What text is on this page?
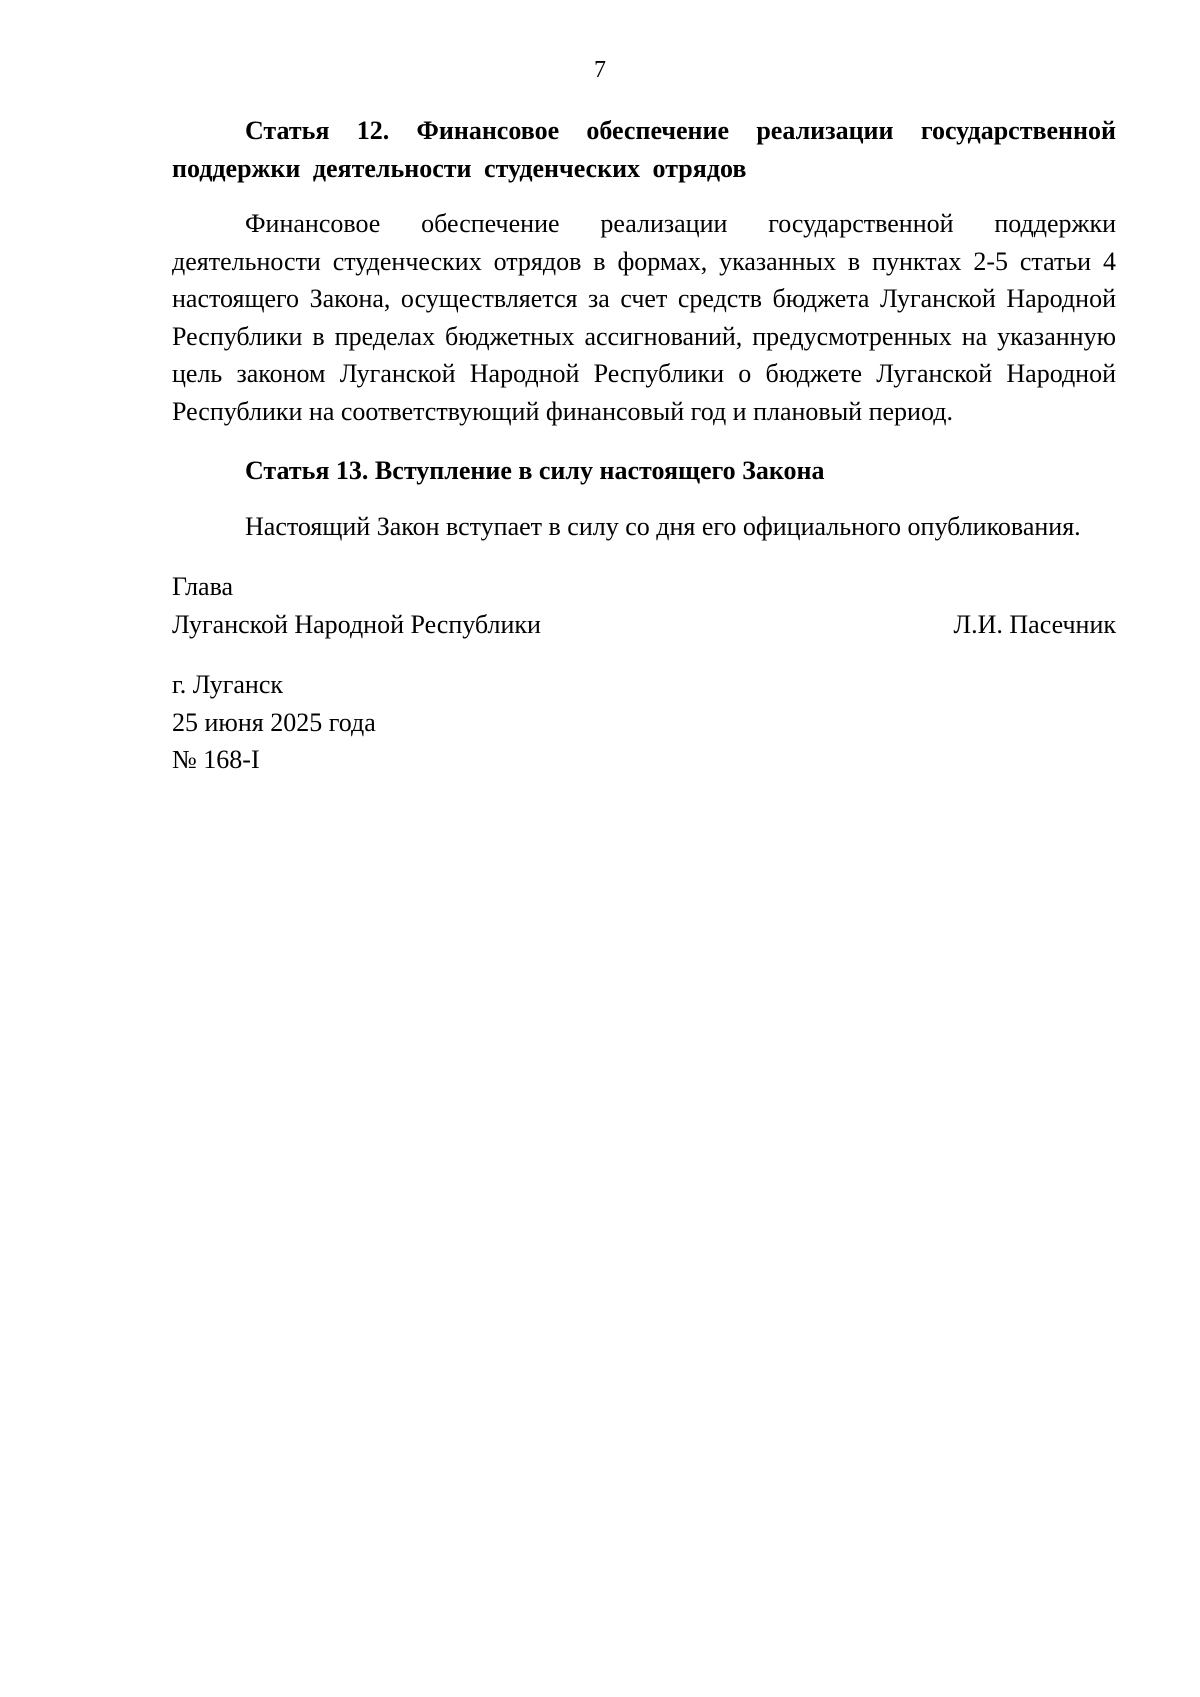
7

Статья 12. Финансовое обеспечение реализации государственной поддержки деятельности студенческих отрядов

Финансовое обеспечение реализации государственной поддержки деятельности студенческих отрядов в формах, указанных в пунктах 2-5 статьи 4 настоящего Закона, осуществляется за счет средств бюджета Луганской Народной Республики в пределах бюджетных ассигнований, предусмотренных на указанную цель законом Луганской Народной Республики о бюджете Луганской Народной Республики на соответствующий финансовый год и плановый период.

Статья 13. Вступление в силу настоящего Закона

Настоящий Закон вступает в силу со дня его официального опубликования.

Глава
Луганской Народной Республики	Л.И. Пасечник
г. Луганск
25 июня 2025 года
№ 168-I
